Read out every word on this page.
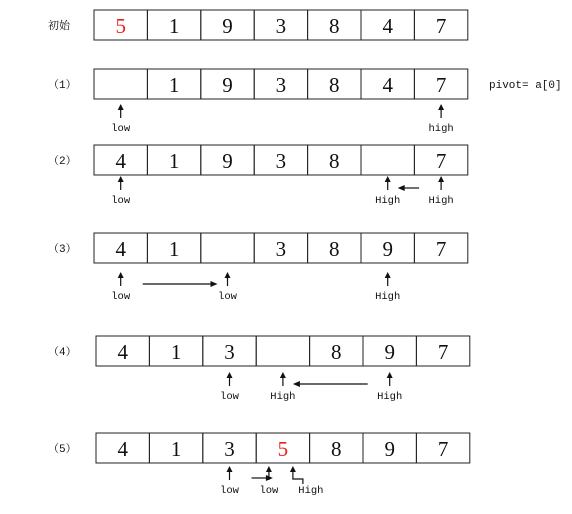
初始 5 1 9 3 8 4 7
（1）	1 9 3 8 4 7
low	high
（2） 4 1 9 3 8	7
low	High	High
（3） 4 1	3 8 9 7
low	low	High
（4） 4 1 3	8 9 7
low	High	High
（5） 4 1 3 5 8 9 7
low low High
pivot= a[0]
